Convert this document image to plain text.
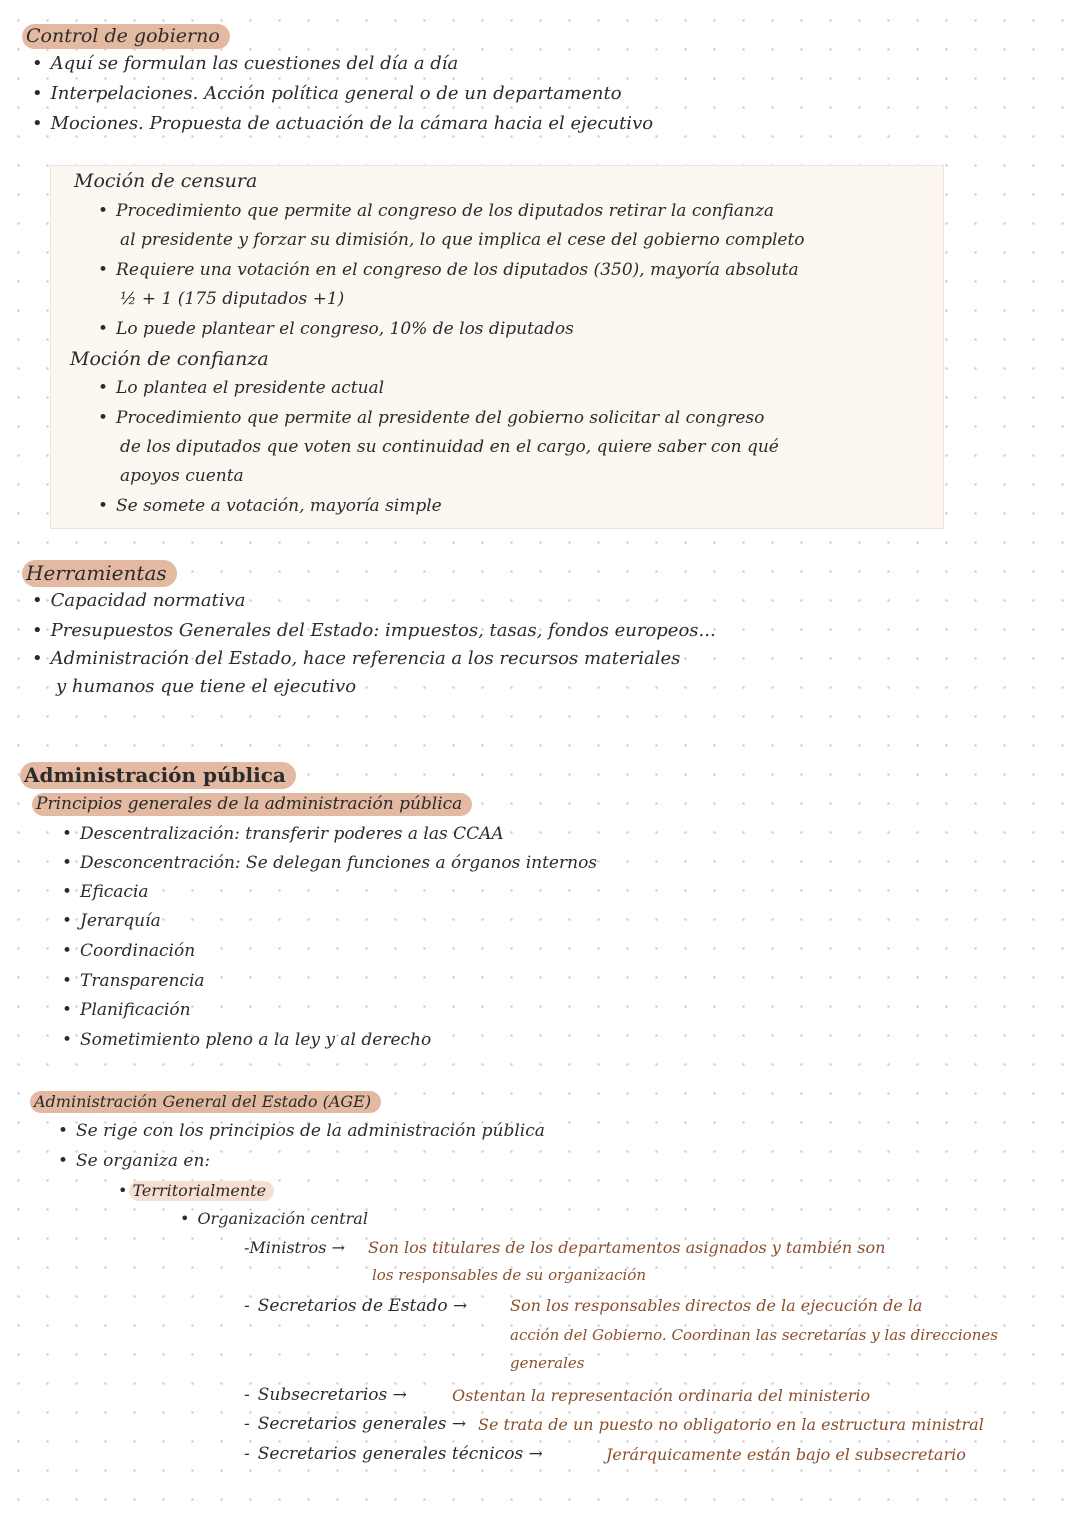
Control de gobierno
• Aquí se formulan las cuestiones del día a día
• Interpelaciones. Acción política general o de un departamento
• Mociones. Propuesta de actuación de la cámara hacia el ejecutivo
Moción de censura
• Procedimiento que permite al congreso de los diputados retirar la confianza
al presidente y forzar su dimisión, lo que implica el cese del gobierno completo
• Requiere una votación en el congreso de los diputados (350), mayoría absoluta
½ + 1 (175 diputados +1)
• Lo puede plantear el congreso, 10% de los diputados
Moción de confianza
• Lo plantea el presidente actual
• Procedimiento que permite al presidente del gobierno solicitar al congreso
de los diputados que voten su continuidad en el cargo, quiere saber con qué
apoyos cuenta
• Se somete a votación, mayoría simple
Herramientas
• Capacidad normativa
• Presupuestos Generales del Estado: impuestos, tasas, fondos europeos...
• Administración del Estado, hace referencia a los recursos materiales
y humanos que tiene el ejecutivo
Administración pública
Principios generales de la administración pública
• Descentralización: transferir poderes a las CCAA
• Desconcentración: Se delegan funciones a órganos internos
• Eficacia
• Jerarquía
• Coordinación
• Transparencia
• Planificación
• Sometimiento pleno a la ley y al derecho
Administración General del Estado (AGE)
• Se rige con los principios de la administración pública
• Se organiza en:
• Territorialmente
• Organización central
-Ministros → Son los titulares de los departamentos asignados y también son
los responsables de su organización
- Secretarios de Estado →	Son los responsables directos de la ejecución de la
acción del Gobierno. Coordinan las secretarías y las direcciones
generales
- Subsecretarios →	Ostentan la representación ordinaria del ministerio
- Secretarios generales → Se trata de un puesto no obligatorio en la estructura ministral
- Secretarios generales técnicos →	Jerárquicamente están bajo el subsecretario
